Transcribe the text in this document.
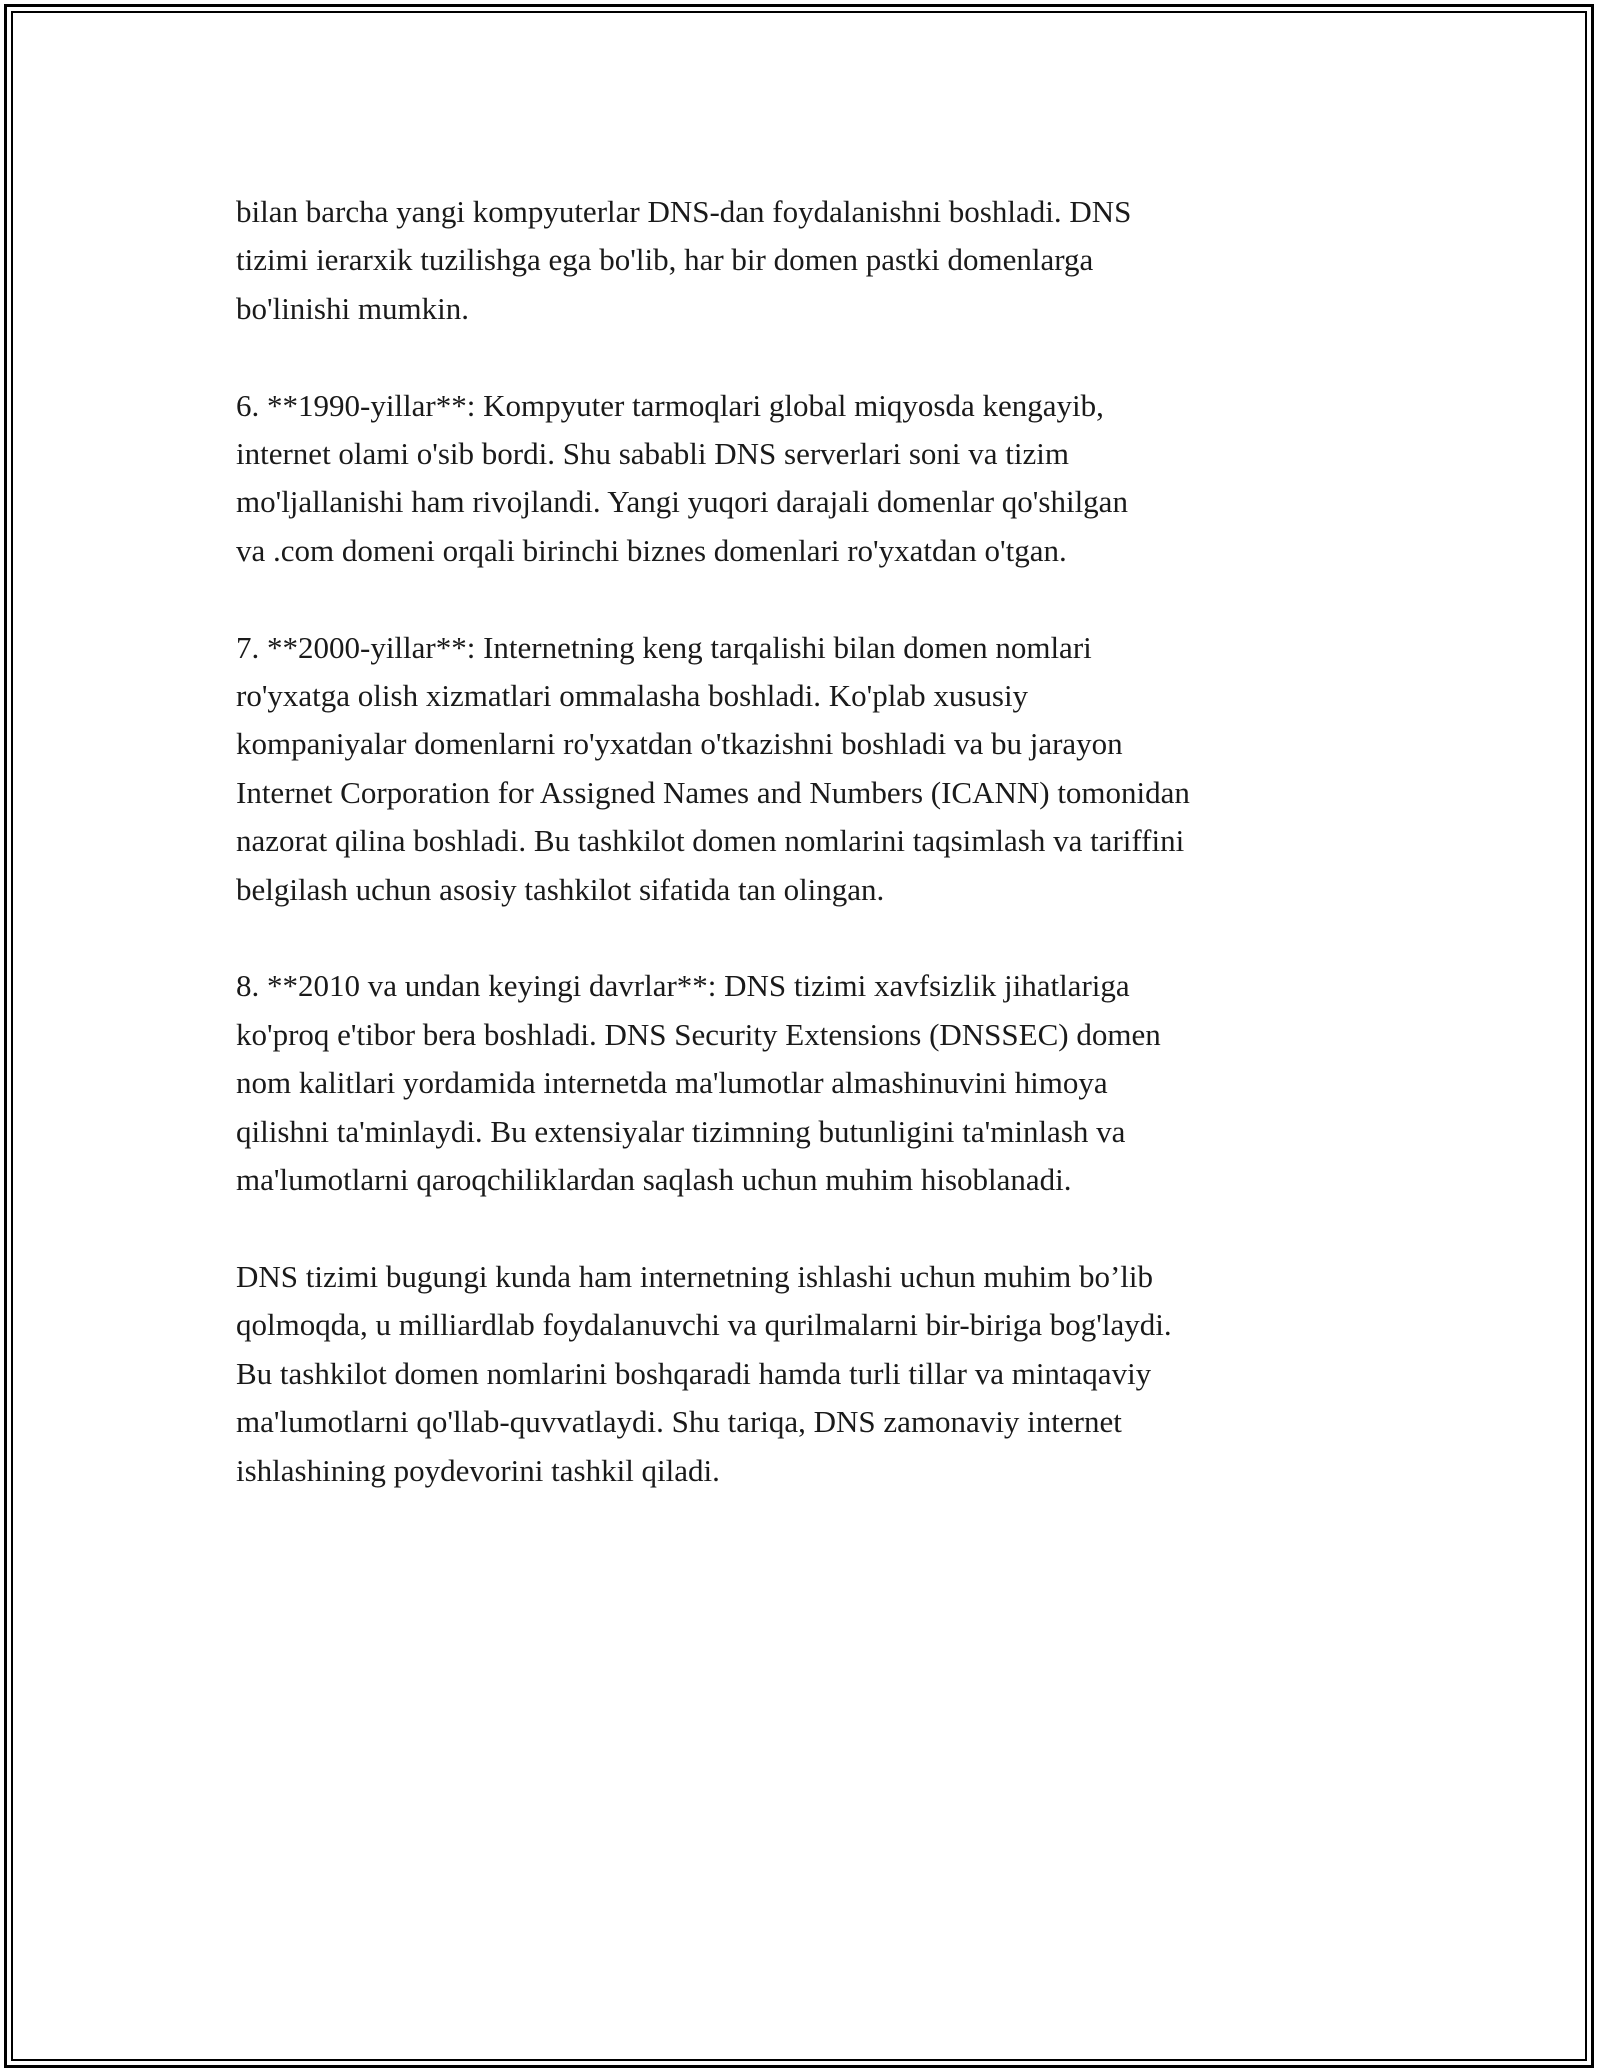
bilan barcha yangi kompyuterlar DNS-dan foydalanishni boshladi. DNS
tizimi ierarxik tuzilishga ega bo'lib, har bir domen pastki domenlarga
bo'linishi mumkin.

6. **1990-yillar**: Kompyuter tarmoqlari global miqyosda kengayib,
internet olami o'sib bordi. Shu sababli DNS serverlari soni va tizim
mo'ljallanishi ham rivojlandi. Yangi yuqori darajali domenlar qo'shilgan
va .com domeni orqali birinchi biznes domenlari ro'yxatdan o'tgan.

7. **2000-yillar**: Internetning keng tarqalishi bilan domen nomlari
ro'yxatga olish xizmatlari ommalasha boshladi. Ko'plab xususiy
kompaniyalar domenlarni ro'yxatdan o'tkazishni boshladi va bu jarayon
Internet Corporation for Assigned Names and Numbers (ICANN) tomonidan
nazorat qilina boshladi. Bu tashkilot domen nomlarini taqsimlash va tariffini
belgilash uchun asosiy tashkilot sifatida tan olingan.

8. **2010 va undan keyingi davrlar**: DNS tizimi xavfsizlik jihatlariga
ko'proq e'tibor bera boshladi. DNS Security Extensions (DNSSEC) domen
nom kalitlari yordamida internetda ma'lumotlar almashinuvini himoya
qilishni ta'minlaydi. Bu extensiyalar tizimning butunligini ta'minlash va
ma'lumotlarni qaroqchiliklardan saqlash uchun muhim hisoblanadi.

DNS tizimi bugungi kunda ham internetning ishlashi uchun muhim bo’lib
qolmoqda, u milliardlab foydalanuvchi va qurilmalarni bir-biriga bog'laydi.
Bu tashkilot domen nomlarini boshqaradi hamda turli tillar va mintaqaviy
ma'lumotlarni qo'llab-quvvatlaydi. Shu tariqa, DNS zamonaviy internet
ishlashining poydevorini tashkil qiladi.
